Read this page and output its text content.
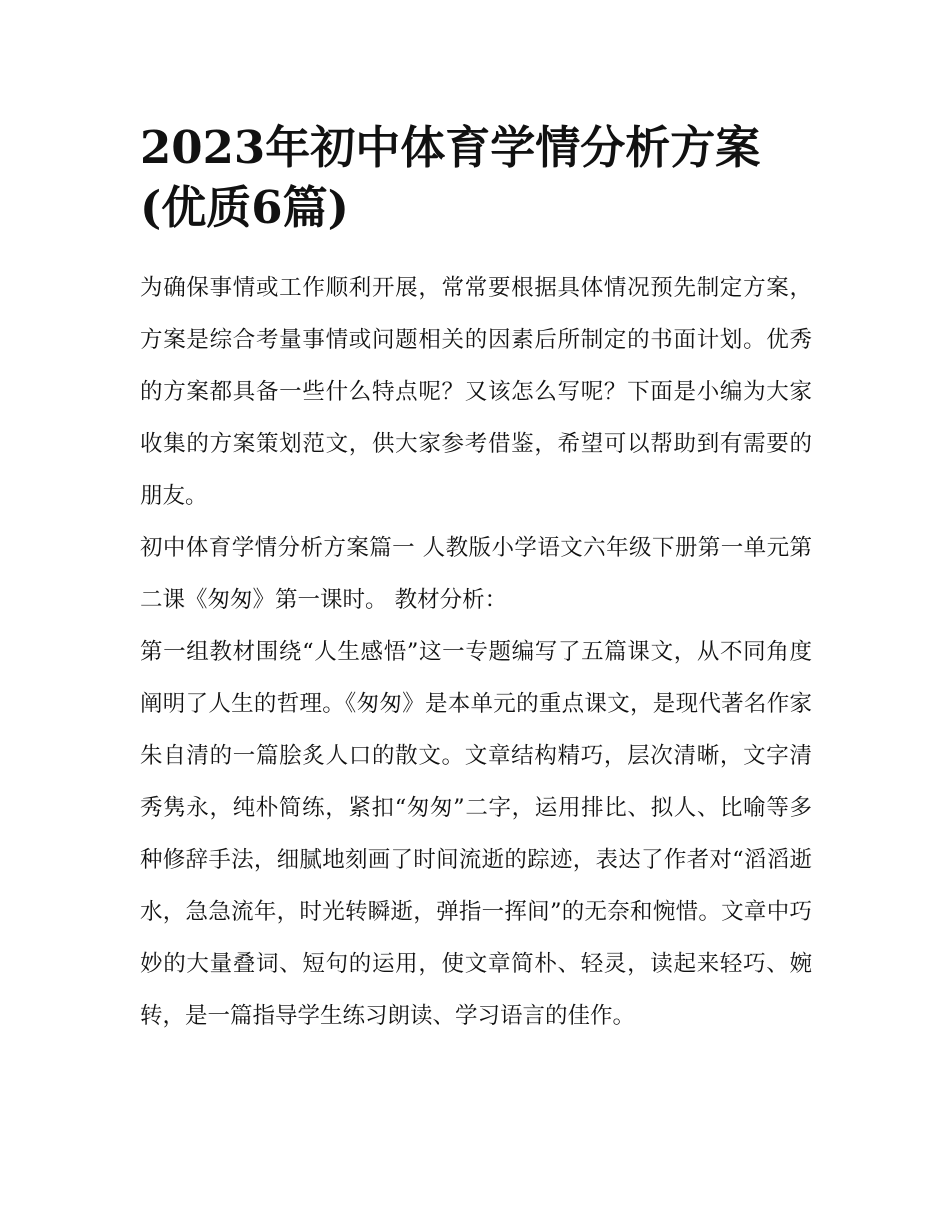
2023年初中体育学情分析方案(优质6篇)

为确保事情或工作顺利开展，常常要根据具体情况预先制定方案，方案是综合考量事情或问题相关的因素后所制定的书面计划。优秀的方案都具备一些什么特点呢？又该怎么写呢？下面是小编为大家收集的方案策划范文，供大家参考借鉴，希望可以帮助到有需要的朋友。

初中体育学情分析方案篇一 人教版小学语文六年级下册第一单元第二课《匆匆》第一课时。 教材分析：

第一组教材围绕“人生感悟”这一专题编写了五篇课文，从不同角度阐明了人生的哲理。《匆匆》是本单元的重点课文，是现代著名作家朱自清的一篇脍炙人口的散文。文章结构精巧，层次清晰，文字清秀隽永，纯朴简练，紧扣“匆匆”二字，运用排比、拟人、比喻等多种修辞手法，细腻地刻画了时间流逝的踪迹，表达了作者对“滔滔逝水，急急流年，时光转瞬逝，弹指一挥间”的无奈和惋惜。文章中巧妙的大量叠词、短句的运用，使文章简朴、轻灵，读起来轻巧、婉转，是一篇指导学生练习朗读、学习语言的佳作。
